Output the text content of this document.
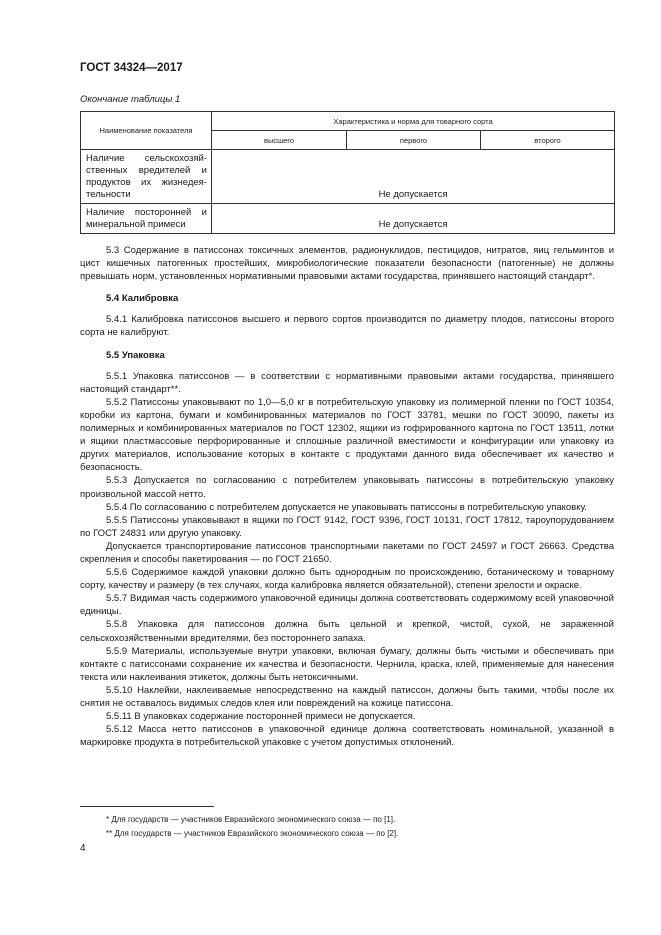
ГОСТ 34324—2017
Окончание таблицы 1
Наименование показателя	Характеристика и норма для товарного сорта		
	высшего	первого	второго
Наличие сельскохозяй-ственных вредителей и продуктов их жизнедея-тельности	Не допускается		
Наличие посторонней и минеральной примеси	Не допускается		

5.3 Содержание в патиссонах токсичных элементов, радионуклидов, пестицидов, нитратов, яиц гельминтов и цист кишечных патогенных простейших, микробиологические показатели безопасности (патогенные) не должны превышать норм, установленных нормативными правовыми актами государства, принявшего настоящий стандарт*.

5.4 Калибровка

5.4.1 Калибровка патиссонов высшего и первого сортов производится по диаметру плодов, патиссоны второго сорта не калибруют.

5.5 Упаковка

5.5.1 Упаковка патиссонов — в соответствии с нормативными правовыми актами государства, принявшего настоящий стандарт**.

5.5.2 Патиссоны упаковывают по 1,0—5,0 кг в потребительскую упаковку из полимерной пленки по ГОСТ 10354, коробки из картона, бумаги и комбинированных материалов по ГОСТ 33781, мешки по ГОСТ 30090, пакеты из полимерных и комбинированных материалов по ГОСТ 12302, ящики из гофрированного картона по ГОСТ 13511, лотки и ящики пластмассовые перфорированные и сплошные различной вместимости и конфигурации или упаковку из других материалов, использование которых в контакте с продуктами данного вида обеспечивает их качество и безопасность.

5.5.3 Допускается по согласованию с потребителем упаковывать патиссоны в потребительскую упаковку произвольной массой нетто.

5.5.4 По согласованию с потребителем допускается не упаковывать патиссоны в потребительскую упаковку.

5.5.5 Патиссоны упаковывают в ящики по ГОСТ 9142, ГОСТ 9396, ГОСТ 10131, ГОСТ 17812, тароупорудованием по ГОСТ 24831 или другую упаковку.

Допускается транспортирование патиссонов транспортными пакетами по ГОСТ 24597 и ГОСТ 26663. Средства скрепления и способы пакетирования — по ГОСТ 21650.

5.5.6 Содержимое каждой упаковки должно быть однородным по происхождению, ботаническому и товарному сорту, качеству и размеру (в тех случаях, когда калибровка является обязательной), степени зрелости и окраске.

5.5.7 Видимая часть содержимого упаковочной единицы должна соответствовать содержимому всей упаковочной единицы.

5.5.8 Упаковка для патиссонов должна быть цельной и крепкой, чистой, сухой, не зараженной сельскохозяйственными вредителями, без постороннего запаха.

5.5.9 Материалы, используемые внутри упаковки, включая бумагу, должны быть чистыми и обеспечивать при контакте с патиссонами сохранение их качества и безопасности. Чернила, краска, клей, применяемые для нанесения текста или наклеивания этикеток, должны быть нетоксичными.

5.5.10 Наклейки, наклеиваемые непосредственно на каждый патиссон, должны быть такими, чтобы после их снятия не оставалось видимых следов клея или повреждений на кожице патиссона.

5.5.11 В упаковках содержание посторонней примеси не допускается.

5.5.12 Масса нетто патиссонов в упаковочной единице должна соответствовать номинальной, указанной в маркировке продукта в потребительской упаковке с учетом допустимых отклонений.

* Для государств — участников Евразийского экономического союза — по [1].
** Для государств — участников Евразийского экономического союза — по [2].
4
